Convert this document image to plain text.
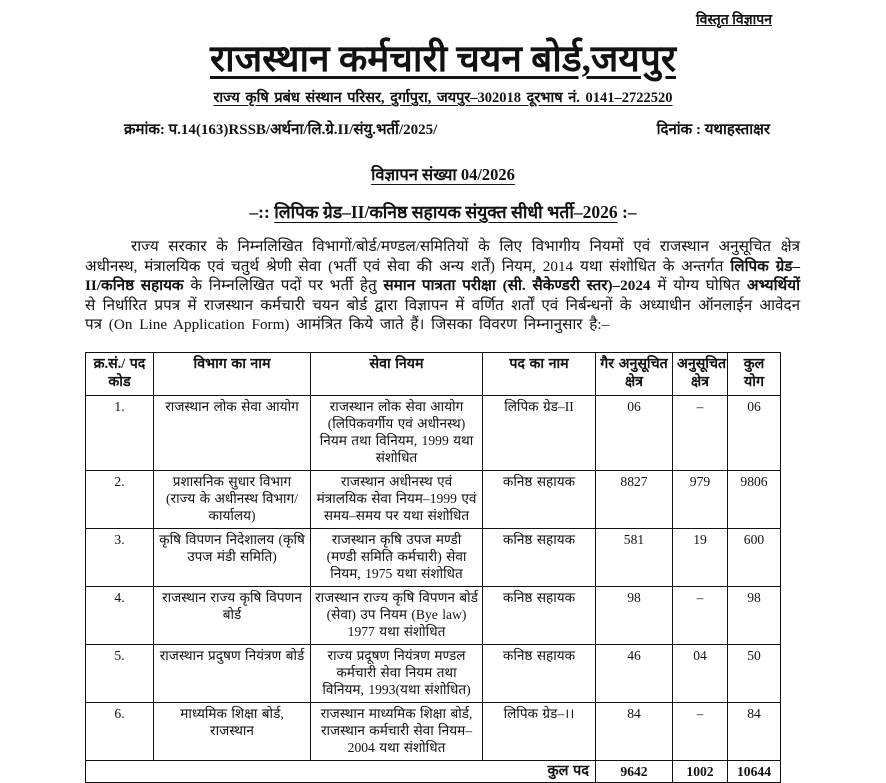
विस्तृत विज्ञापन
राजस्थान कर्मचारी चयन बोर्ड,जयपुर
राज्य कृषि प्रबंध संस्थान परिसर, दुर्गापुरा, जयपुर–302018 दूरभाष नं. 0141–2722520
क्रमांक: प.14(163)RSSB/अर्थना/लि.ग्रे.II/संयु.भर्ती/2025/	दिनांक : यथाहस्ताक्षर
विज्ञापन संख्या 04/2026
–:: लिपिक ग्रेड–II/कनिष्ठ सहायक संयुक्त सीधी भर्ती–2026 :–

राज्य सरकार के निम्नलिखित विभागों/बोर्ड/मण्डल/समितियों के लिए विभागीय नियमों एवं राजस्थान अनुसूचित क्षेत्र अधीनस्थ, मंत्रालयिक एवं चतुर्थ श्रेणी सेवा (भर्ती एवं सेवा की अन्य शर्तें) नियम, 2014 यथा संशोधित के अन्तर्गत लिपिक ग्रेड–II/कनिष्ठ सहायक के निम्नलिखित पदों पर भर्ती हेतु समान पात्रता परीक्षा (सी. सैकेण्डरी स्तर)–2024 में योग्य घोषित अभ्यर्थियों से निर्धारित प्रपत्र में राजस्थान कर्मचारी चयन बोर्ड द्वारा विज्ञापन में वर्णित शर्तों एवं निर्बन्धनों के अध्याधीन ऑनलाईन आवेदन पत्र (On Line Application Form) आमंत्रित किये जाते हैं। जिसका विवरण निम्नानुसार है:–

क्र.सं./ पद कोड	विभाग का नाम	सेवा नियम	पद का नाम	गैर अनुसूचित क्षेत्र	अनुसूचित क्षेत्र	कुल योग
1.	राजस्थान लोक सेवा आयोग	राजस्थान लोक सेवा आयोग (लिपिकवर्गीय एवं अधीनस्थ) नियम तथा विनियम, 1999 यथा संशोधित	लिपिक ग्रेड–II	06	–	06
2.	प्रशासनिक सुधार विभाग (राज्य के अधीनस्थ विभाग/कार्यालय)	राजस्थान अधीनस्थ एवं मंत्रालयिक सेवा नियम–1999 एवं समय–समय पर यथा संशोधित	कनिष्ठ सहायक	8827	979	9806
3.	कृषि विपणन निदेशालय (कृषि उपज मंडी समिति)	राजस्थान कृषि उपज मण्डी (मण्डी समिति कर्मचारी) सेवा नियम, 1975 यथा संशोधित	कनिष्ठ सहायक	581	19	600
4.	राजस्थान राज्य कृषि विपणन बोर्ड	राजस्थान राज्य कृषि विपणन बोर्ड (सेवा) उप नियम (Bye law) 1977 यथा संशोधित	कनिष्ठ सहायक	98	–	98
5.	राजस्थान प्रदुषण नियंत्रण बोर्ड	राज्य प्रदूषण नियंत्रण मण्डल कर्मचारी सेवा नियम तथा विनियम, 1993(यथा संशोधित)	कनिष्ठ सहायक	46	04	50
6.	माध्यमिक शिक्षा बोर्ड, राजस्थान	राजस्थान माध्यमिक शिक्षा बोर्ड, राजस्थान कर्मचारी सेवा नियम–2004 यथा संशोधित	लिपिक ग्रेड–।।	84	–	84
कुल पद				9642	1002	10644
